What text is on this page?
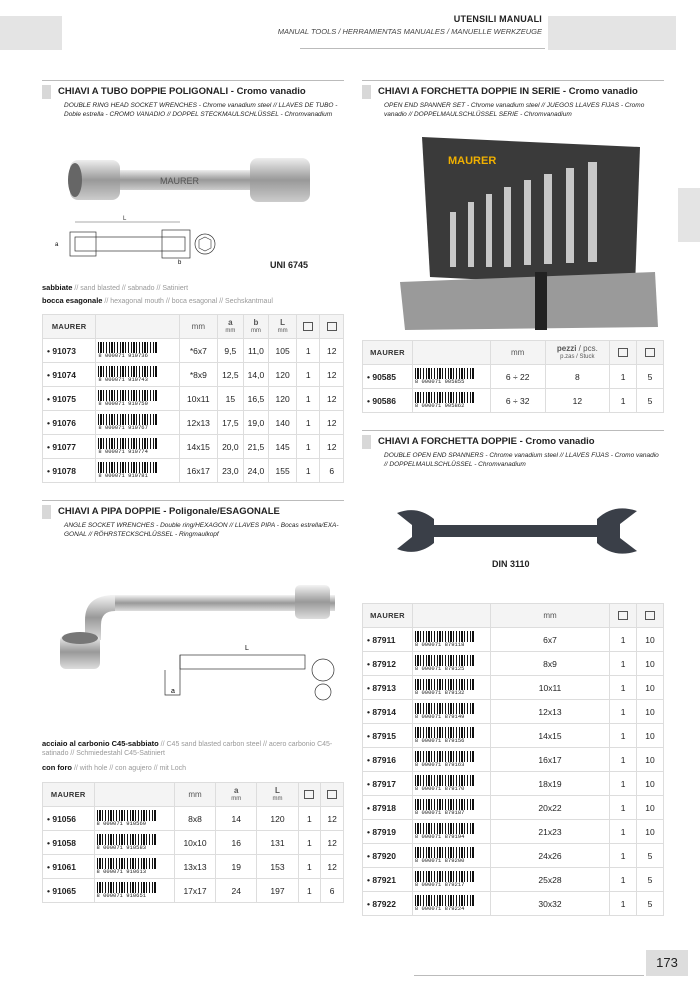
UTENSILI MANUALI
MANUAL TOOLS / HERRAMIENTAS MANUALES / MANUELLE WERKZEUGE
CHIAVI A TUBO DOPPIE POLIGONALI - Cromo vanadio
DOUBLE RING HEAD SOCKET WRENCHES - Chrome vanadium steel // LLAVES DE TUBO - Doble estrella - CROMO VANADIO // DOPPEL STECKMAULSCHLÜSSEL - Chromvanadium
MAURER
L
a
b	UNI 6745
sabbiate // sand blasted // sabnado // Satiniert
bocca esagonale // hexagonal mouth // boca esagonal // Sechskantmaul
MAURER		mm	a
mm	b
mm	L
mm		

• 91073	8 000071 910736	*6x7	9,5	11,0	105	1	12
• 91074	8 000071 910743	*8x9	12,5	14,0	120	1	12
• 91075	8 000071 910750	10x11	15	16,5	120	1	12
• 91076	8 000071 910767	12x13	17,5	19,0	140	1	12
• 91077	8 000071 910774	14x15	20,0	21,5	145	1	12
• 91078	8 000071 910781	16x17	23,0	24,0	155	1	6
CHIAVI A PIPA DOPPIE - Poligonale/ESAGONALE
ANGLE SOCKET WRENCHES - Double ring/HEXAGON // LLAVES PIPA - Bocas estrella/EXA-GONAL // RÖHRSTECKSCHLÜSSEL - Ringmaulkopf
L
a
acciaio al carbonio C45-sabbiato // C45 sand blasted carbon steel // acero carbonio C45-satinado // Schmiedestahl C45-Satiniert
con foro // with hole // con agujero // mit Loch
MAURER		mm	a
mm	L
mm		

• 91056	8 000071 910569	8x8	14	120	1	12
• 91058	8 000071 910583	10x10	16	131	1	12
• 91061	8 000071 910613	13x13	19	153	1	12
• 91065	8 000071 910651	17x17	24	197	1	6
CHIAVI A FORCHETTA DOPPIE IN SERIE - Cromo vanadio
OPEN END SPANNER SET - Chrome vanadium steel // JUEGOS LLAVES FIJAS - Cromo vanadio // DOPPELMAULSCHLÜSSEL SERIE - Chromvanadium
MAURER
MAURER		mm	pezzi / pcs.
p.zas / Stuck		

• 90585	8 000071 905855	6 ÷ 22	8	1	5
• 90586	8 000071 905862	6 ÷ 32	12	1	5
CHIAVI A FORCHETTA DOPPIE - Cromo vanadio
DOUBLE OPEN END SPANNERS - Chrome vanadium steel // LLAVES FIJAS - Cromo vanadio // DOPPELMAULSCHLÜSSEL - Chromvanadium
DIN 3110
MAURER		mm		
• 87911	8 000071 879118	6x7	1	10
• 87912	8 000071 879125	8x9	1	10
• 87913	8 000071 879132	10x11	1	10
• 87914	8 000071 879149	12x13	1	10
• 87915	8 000071 879156	14x15	1	10
• 87916	8 000071 879163	16x17	1	10
• 87917	8 000071 879170	18x19	1	10
• 87918	8 000071 879187	20x22	1	10
• 87919	8 000071 879194	21x23	1	10
• 87920	8 000071 879200	24x26	1	5
• 87921	8 000071 879217	25x28	1	5
• 87922	8 000071 879224	30x32	1	5
173
